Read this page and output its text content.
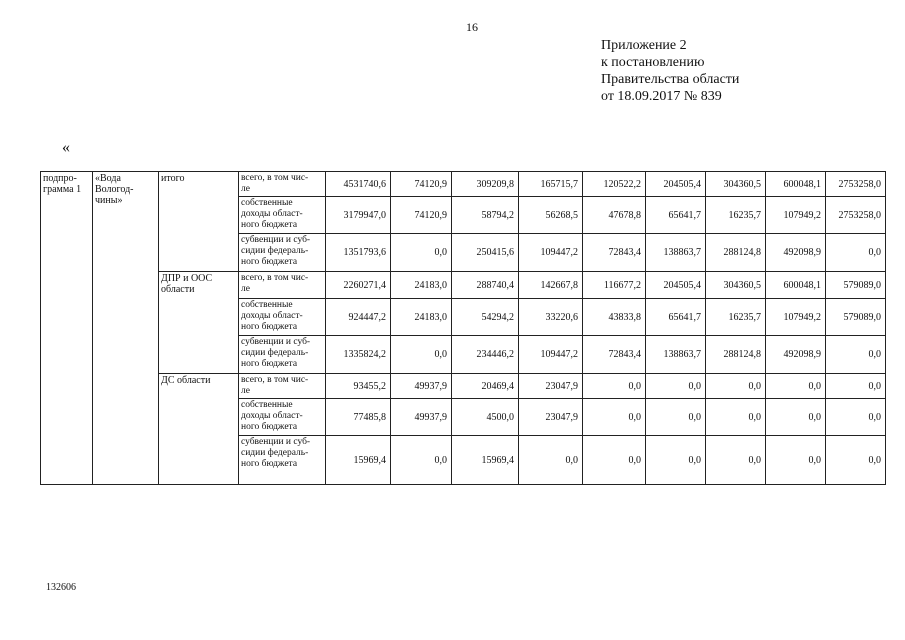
16
Приложение 2
к постановлению
Правительства области
от 18.09.2017 № 839
«
подпро-
грамма 1	«Вода
Вологод-
чины»	итого	всего, в том чис-
ле	4531740,6	74120,9	309209,8	165715,7	120522,2	204505,4	304360,5	600048,1	2753258,0
			собственные
доходы област-
ного бюджета	3179947,0	74120,9	58794,2	56268,5	47678,8	65641,7	16235,7	107949,2	2753258,0
			субвенции и суб-
сидии федераль-
ного бюджета	1351793,6	0,0	250415,6	109447,2	72843,4	138863,7	288124,8	492098,9	0,0
		ДПР и ООС
области	всего, в том чис-
ле	2260271,4	24183,0	288740,4	142667,8	116677,2	204505,4	304360,5	600048,1	579089,0
			собственные
доходы област-
ного бюджета	924447,2	24183,0	54294,2	33220,6	43833,8	65641,7	16235,7	107949,2	579089,0
			субвенции и суб-
сидии федераль-
ного бюджета	1335824,2	0,0	234446,2	109447,2	72843,4	138863,7	288124,8	492098,9	0,0
		ДС области	всего, в том чис-
ле	93455,2	49937,9	20469,4	23047,9	0,0	0,0	0,0	0,0	0,0
			собственные
доходы област-
ного бюджета	77485,8	49937,9	4500,0	23047,9	0,0	0,0	0,0	0,0	0,0
			субвенции и суб-
сидии федераль-
ного бюджета	15969,4	0,0	15969,4	0,0	0,0	0,0	0,0	0,0	0,0
132606
